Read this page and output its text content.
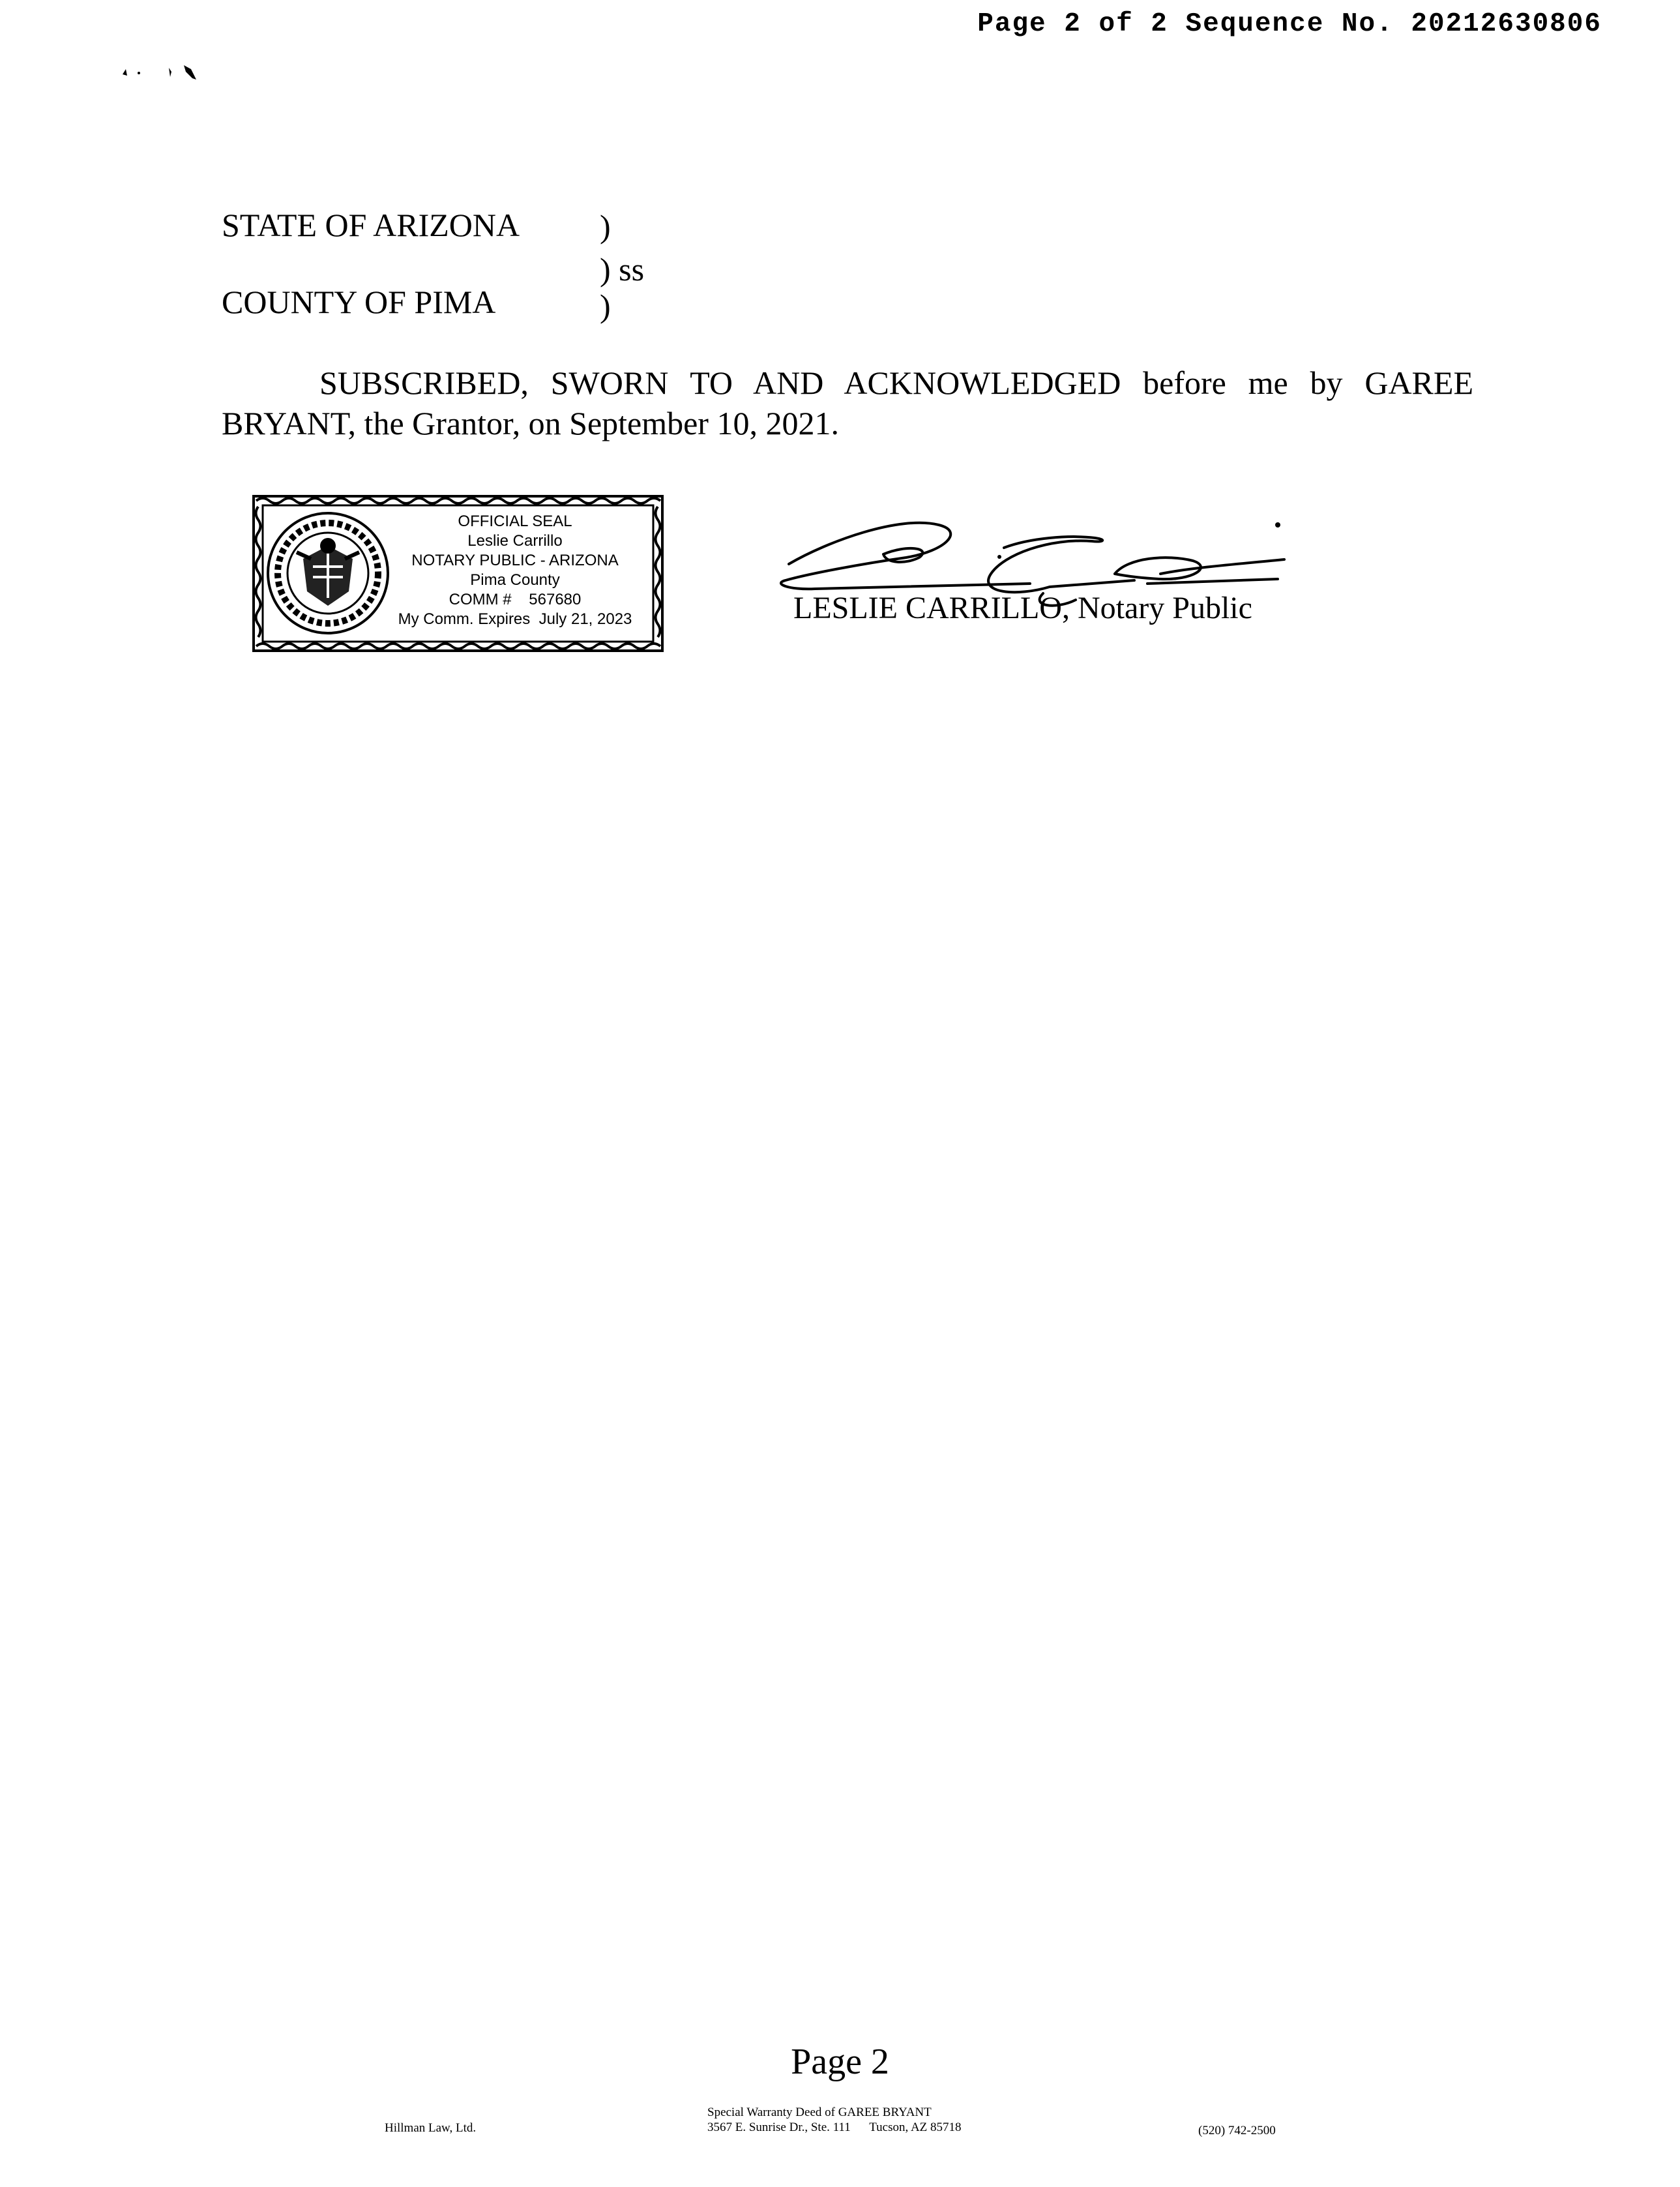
Page 2 of 2 Sequence No. 20212630806
STATE OF ARIZONA )
) ss
COUNTY OF PIMA	)
SUBSCRIBED, SWORN TO AND ACKNOWLEDGED before me by GAREE BRYANT, the Grantor, on September 10, 2021.
OFFICIAL SEAL
Leslie Carrillo
NOTARY PUBLIC - ARIZONA
Pima County
COMM # 567680
My Comm. Expires July 21, 2023	LESLIE CARRILLO, Notary Public
Page 2
Hillman Law, Ltd.
Special Warranty Deed of GAREE BRYANT
3567 E. Sunrise Dr., Ste. 111 Tucson, AZ 85718	(520) 742-2500
